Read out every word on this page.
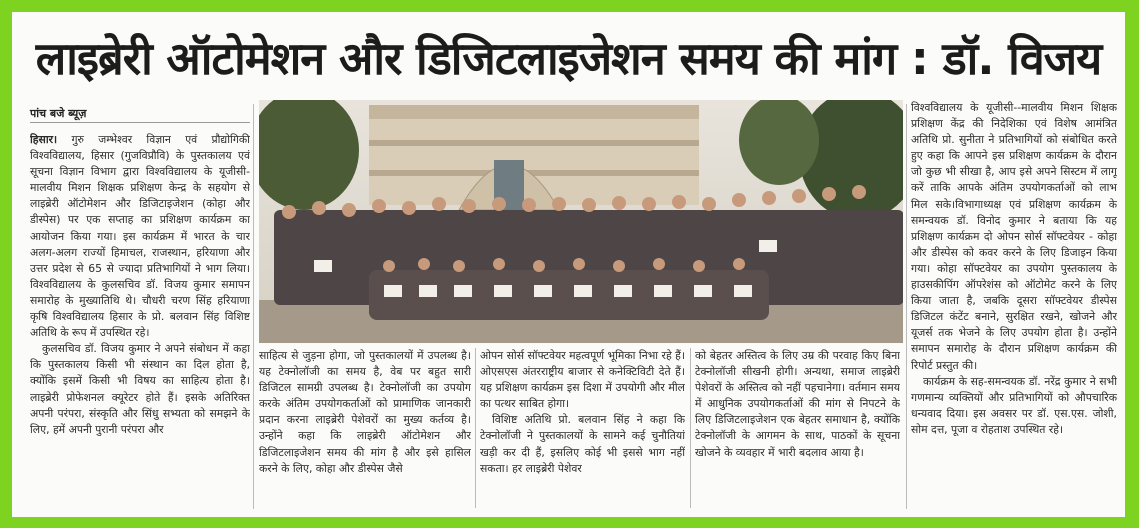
लाइब्रेरी ऑटोमेशन और डिजिटलाइजेशन समय की मांग : डॉ. विजय
पांच बजे ब्यूज़

हिसार। गुरु जम्भेश्वर विज्ञान एवं प्रौद्योगिकी विश्वविद्यालय, हिसार (गुजविप्रौवि) के पुस्तकालय एवं सूचना विज्ञान विभाग द्वारा विश्वविद्यालय के यूजीसी-मालवीय मिशन शिक्षक प्रशिक्षण केन्द्र के सहयोग से लाइब्रेरी ऑटोमेशन और डिजिटाइजेशन (कोहा और डीस्पेस) पर एक सप्ताह का प्रशिक्षण कार्यक्रम का आयोजन किया गया। इस कार्यक्रम में भारत के चार अलग-अलग राज्यों हिमाचल, राजस्थान, हरियाणा और उत्तर प्रदेश से 65 से ज्यादा प्रतिभागियों ने भाग लिया। विश्वविद्यालय के कुलसचिव डॉ. विजय कुमार समापन समारोह के मुख्यातिथि थे। चौधरी चरण सिंह हरियाणा कृषि विश्वविद्यालय हिसार के प्रो. बलवान सिंह विशिष्ट अतिथि के रूप में उपस्थित रहे।

कुलसचिव डॉ. विजय कुमार ने अपने संबोधन में कहा कि पुस्तकालय किसी भी संस्थान का दिल होता है, क्योंकि इसमें किसी भी विषय का साहित्य होता है। लाइब्रेरी प्रोफेशनल क्यूरेटर होते हैं। इसके अतिरिक्त अपनी परंपरा, संस्कृति और सिंधु सभ्यता को समझने के लिए, हमें अपनी पुरानी परंपरा और

साहित्य से जुड़ना होगा, जो पुस्तकालयों में उपलब्ध है। यह टेक्नोलॉजी का समय है, वेब पर बहुत सारी डिजिटल सामग्री उपलब्ध है। टेक्नोलॉजी का उपयोग करके अंतिम उपयोगकर्ताओं को प्रामाणिक जानकारी प्रदान करना लाइब्रेरी पेशेवरों का मुख्य कर्तव्य है। उन्होंने कहा कि लाइब्रेरी ऑटोमेशन और डिजिटलाइजेशन समय की मांग है और इसे हासिल करने के लिए, कोहा और डीस्पेस जैसे

ओपन सोर्स सॉफ्टवेयर महत्वपूर्ण भूमिका निभा रहे हैं। ओएसएस अंतरराष्ट्रीय बाजार से कनेक्टिविटी देते हैं। यह प्रशिक्षण कार्यक्रम इस दिशा में उपयोगी और मील का पत्थर साबित होगा।

विशिष्ट अतिथि प्रो. बलवान सिंह ने कहा कि टेक्नोलॉजी ने पुस्तकालयों के सामने कई चुनौतियां खड़ी कर दी हैं, इसलिए कोई भी इससे भाग नहीं सकता। हर लाइब्रेरी पेशेवर

को बेहतर अस्तित्व के लिए उम्र की परवाह किए बिना टेक्नोलॉजी सीखनी होगी। अन्यथा, समाज लाइब्रेरी पेशेवरों के अस्तित्व को नहीं पहचानेगा। वर्तमान समय में आधुनिक उपयोगकर्ताओं की मांग से निपटने के लिए डिजिटलाइजेशन एक बेहतर समाधान है, क्योंकि टेक्नोलॉजी के आगमन के साथ, पाठकों के सूचना खोजने के व्यवहार में भारी बदलाव आया है।

विश्वविद्यालय के यूजीसी--मालवीय मिशन शिक्षक प्रशिक्षण केंद्र की निदेशिका एवं विशेष आमंत्रित अतिथि प्रो. सुनीता ने प्रतिभागियों को संबोधित करते हुए कहा कि आपने इस प्रशिक्षण कार्यक्रम के दौरान जो कुछ भी सीखा है, आप इसे अपने सिस्टम में लागू करें ताकि आपके अंतिम उपयोगकर्ताओं को लाभ मिल सके।विभागाध्यक्ष एवं प्रशिक्षण कार्यक्रम के समन्वयक डॉ. विनोद कुमार ने बताया कि यह प्रशिक्षण कार्यक्रम दो ओपन सोर्स सॉफ्टवेयर - कोहा और डीस्पेस को कवर करने के लिए डिजाइन किया गया। कोहा सॉफ्टवेयर का उपयोग पुस्तकालय के हाउसकीपिंग ऑपरेशंस को ऑटोमेट करने के लिए किया जाता है, जबकि दूसरा सॉफ्टवेयर डीस्पेस डिजिटल कंटेंट बनाने, सुरक्षित रखने, खोजने और यूजर्स तक भेजने के लिए उपयोग होता है। उन्होंने समापन समारोह के दौरान प्रशिक्षण कार्यक्रम की रिपोर्ट प्रस्तुत की।

कार्यक्रम के सह-समन्वयक डॉ. नरेंद्र कुमार ने सभी गणमान्य व्यक्तियों और प्रतिभागियों को औपचारिक धन्यवाद दिया। इस अवसर पर डॉ. एस.एस. जोशी, सोम दत्त, पूजा व रोहताश उपस्थित रहे।
